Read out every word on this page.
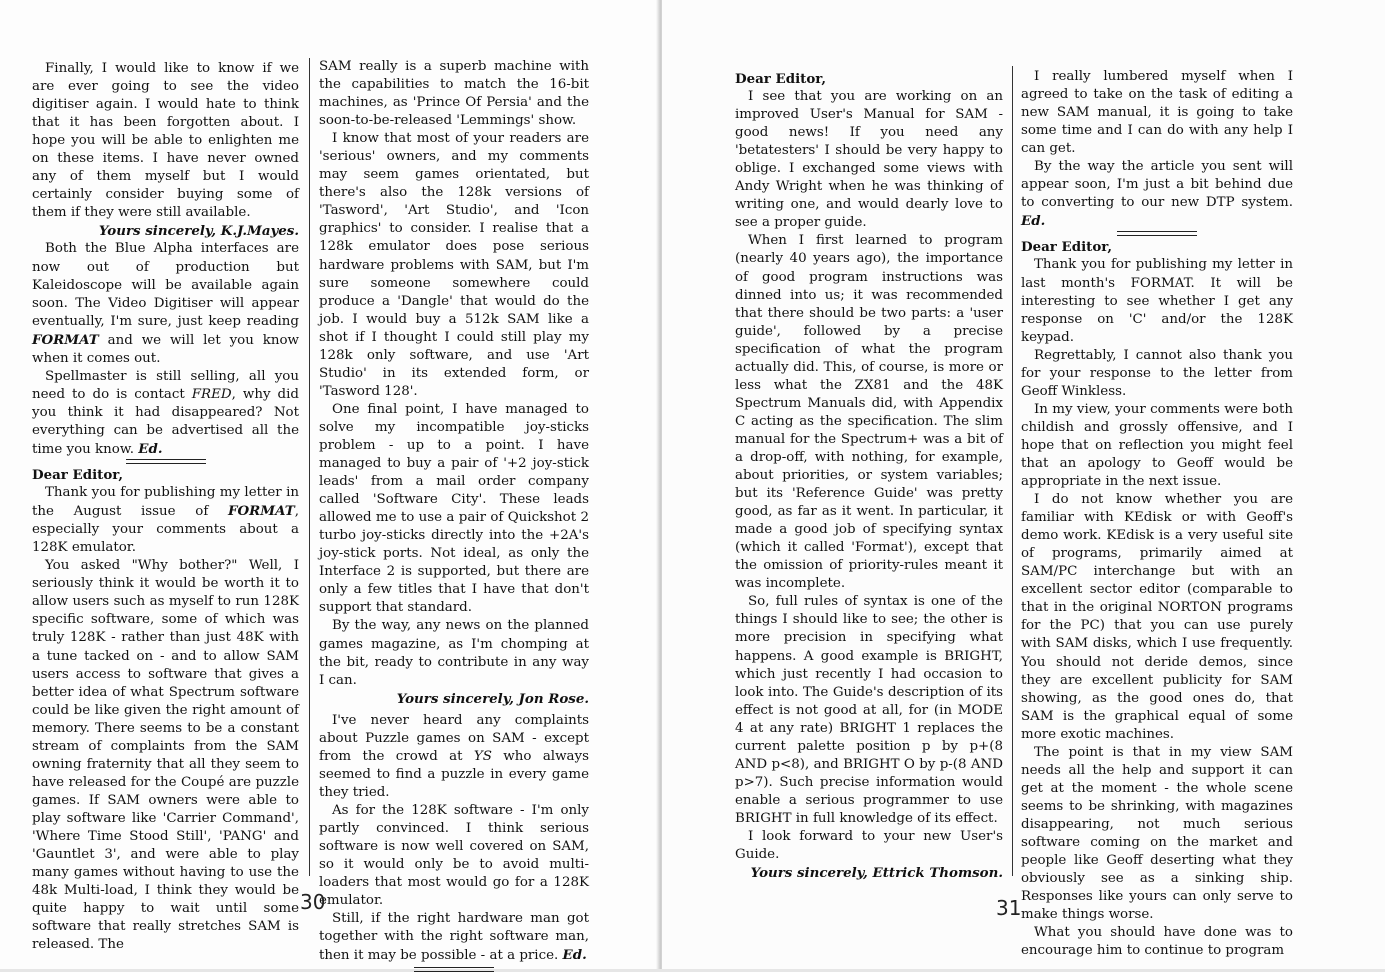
Finally, I would like to know if we are ever going to see the video digitiser again. I would hate to think that it has been forgotten about. I hope you will be able to enlighten me on these items. I have never owned any of them myself but I would certainly consider buying some of them if they were still available.

Yours sincerely, K.J.Mayes.

Both the Blue Alpha interfaces are now out of production but Kaleidoscope will be available again soon. The Video Digitiser will appear eventually, I'm sure, just keep reading FORMAT and we will let you know when it comes out.

Spellmaster is still selling, all you need to do is contact FRED, why did you think it had disappeared? Not everything can be advertised all the time you know. Ed.

Dear Editor,

Thank you for publishing my letter in the August issue of FORMAT, especially your comments about a 128K emulator.

You asked "Why bother?" Well, I seriously think it would be worth it to allow users such as myself to run 128K specific software, some of which was truly 128K - rather than just 48K with a tune tacked on - and to allow SAM users access to software that gives a better idea of what Spectrum software could be like given the right amount of memory. There seems to be a constant stream of complaints from the SAM owning fraternity that all they seem to have released for the Coupé are puzzle games. If SAM owners were able to play software like 'Carrier Command', 'Where Time Stood Still', 'PANG' and 'Gauntlet 3', and were able to play many games without having to use the 48k Multi-load, I think they would be quite happy to wait until some software that really stretches SAM is released. The

SAM really is a superb machine with the capabilities to match the 16-bit machines, as 'Prince Of Persia' and the soon-to-be-released 'Lemmings' show.

I know that most of your readers are 'serious' owners, and my comments may seem games orientated, but there's also the 128k versions of 'Tasword', 'Art Studio', and 'Icon graphics' to consider. I realise that a 128k emulator does pose serious hardware problems with SAM, but I'm sure someone somewhere could produce a 'Dangle' that would do the job. I would buy a 512k SAM like a shot if I thought I could still play my 128k only software, and use 'Art Studio' in its extended form, or 'Tasword 128'.

One final point, I have managed to solve my incompatible joy-sticks problem - up to a point. I have managed to buy a pair of '+2 joy-stick leads' from a mail order company called 'Software City'. These leads allowed me to use a pair of Quickshot 2 turbo joy-sticks directly into the +2A's joy-stick ports. Not ideal, as only the Interface 2 is supported, but there are only a few titles that I have that don't support that standard.

By the way, any news on the planned games magazine, as I'm chomping at the bit, ready to contribute in any way I can.

Yours sincerely, Jon Rose.

I've never heard any complaints about Puzzle games on SAM - except from the crowd at YS who always seemed to find a puzzle in every game they tried.

As for the 128K software - I'm only partly convinced. I think serious software is now well covered on SAM, so it would only be to avoid multi-loaders that most would go for a 128K emulator.

Still, if the right hardware man got together with the right software man, then it may be possible - at a price. Ed.

30

Dear Editor,

I see that you are working on an improved User's Manual for SAM - good news! If you need any 'betatesters' I should be very happy to oblige. I exchanged some views with Andy Wright when he was thinking of writing one, and would dearly love to see a proper guide.

When I first learned to program (nearly 40 years ago), the importance of good program instructions was dinned into us; it was recommended that there should be two parts: a 'user guide', followed by a precise specification of what the program actually did. This, of course, is more or less what the ZX81 and the 48K Spectrum Manuals did, with Appendix C acting as the specification. The slim manual for the Spectrum+ was a bit of a drop-off, with nothing, for example, about priorities, or system variables; but its 'Reference Guide' was pretty good, as far as it went. In particular, it made a good job of specifying syntax (which it called 'Format'), except that the omission of priority-rules meant it was incomplete.

So, full rules of syntax is one of the things I should like to see; the other is more precision in specifying what happens. A good example is BRIGHT, which just recently I had occasion to look into. The Guide's description of its effect is not good at all, for (in MODE 4 at any rate) BRIGHT 1 replaces the current palette position p by p+(8 AND p<8), and BRIGHT O by p-(8 AND p>7). Such precise information would enable a serious programmer to use BRIGHT in full knowledge of its effect.

I look forward to your new User's Guide.

Yours sincerely, Ettrick Thomson.

I really lumbered myself when I agreed to take on the task of editing a new SAM manual, it is going to take some time and I can do with any help I can get.

By the way the article you sent will appear soon, I'm just a bit behind due to converting to our new DTP system. Ed.

Dear Editor,

Thank you for publishing my letter in last month's FORMAT. It will be interesting to see whether I get any response on 'C' and/or the 128K keypad.

Regrettably, I cannot also thank you for your response to the letter from Geoff Winkless.

In my view, your comments were both childish and grossly offensive, and I hope that on reflection you might feel that an apology to Geoff would be appropriate in the next issue.

I do not know whether you are familiar with KEdisk or with Geoff's demo work. KEdisk is a very useful site of programs, primarily aimed at SAM/PC interchange but with an excellent sector editor (comparable to that in the original NORTON programs for the PC) that you can use purely with SAM disks, which I use frequently. You should not deride demos, since they are excellent publicity for SAM showing, as the good ones do, that SAM is the graphical equal of some more exotic machines.

The point is that in my view SAM needs all the help and support it can get at the moment - the whole scene seems to be shrinking, with magazines disappearing, not much serious software coming on the market and people like Geoff deserting what they obviously see as a sinking ship. Responses like yours can only serve to make things worse.

What you should have done was to encourage him to continue to program

31
